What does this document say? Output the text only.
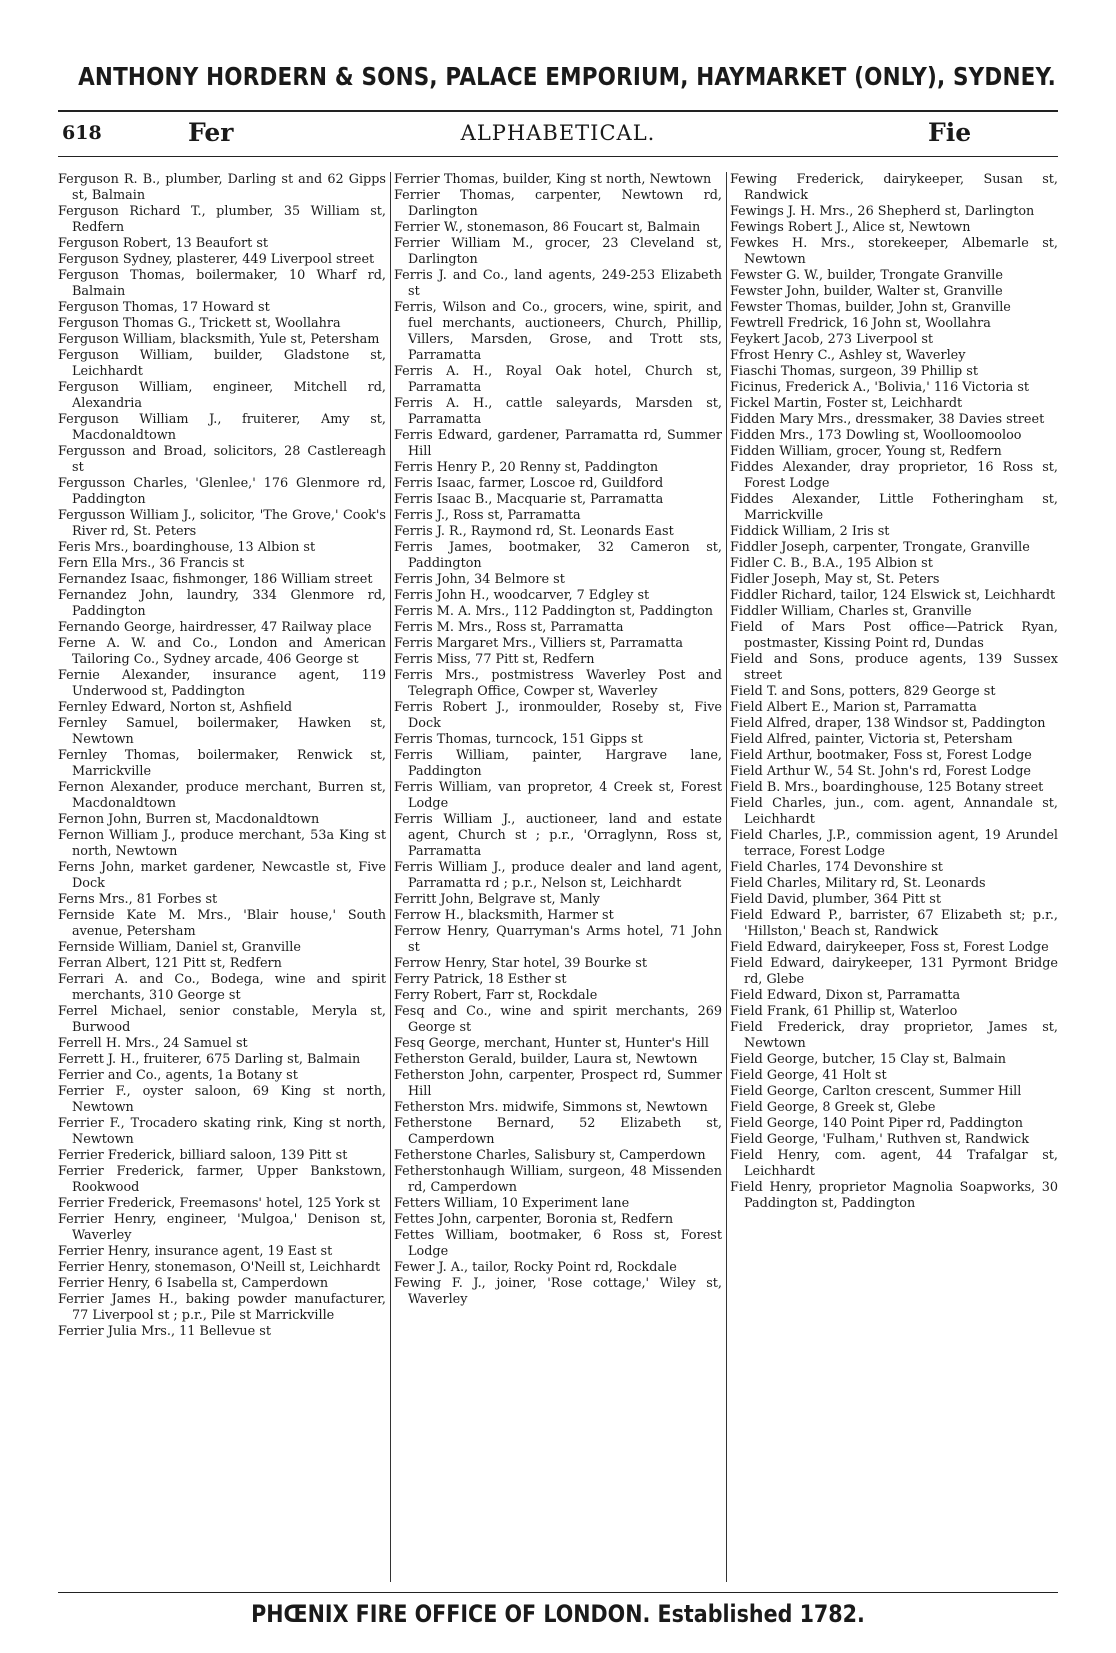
ANTHONY HORDERN & SONS, PALACE EMPORIUM, HAYMARKET (ONLY), SYDNEY.
618	Fer	ALPHABETICAL.	Fie
Ferguson R. B., plumber, Darling st and 62 Gipps st, Balmain
Ferguson Richard T., plumber, 35 William st, Redfern
Ferguson Robert, 13 Beaufort st
Ferguson Sydney, plasterer, 449 Liverpool street
Ferguson Thomas, boilermaker, 10 Wharf rd, Balmain
Ferguson Thomas, 17 Howard st
Ferguson Thomas G., Trickett st, Woollahra
Ferguson William, blacksmith, Yule st, Petersham
Ferguson William, builder, Gladstone st, Leichhardt
Ferguson William, engineer, Mitchell rd, Alexandria
Ferguson William J., fruiterer, Amy st, Macdonaldtown
Fergusson and Broad, solicitors, 28 Castlereagh st
Fergusson Charles, 'Glenlee,' 176 Glenmore rd, Paddington
Fergusson William J., solicitor, 'The Grove,' Cook's River rd, St. Peters
Feris Mrs., boardinghouse, 13 Albion st
Fern Ella Mrs., 36 Francis st
Fernandez Isaac, fishmonger, 186 William street
Fernandez John, laundry, 334 Glenmore rd, Paddington
Fernando George, hairdresser, 47 Railway place
Ferne A. W. and Co., London and American Tailoring Co., Sydney arcade, 406 George st
Fernie Alexander, insurance agent, 119 Underwood st, Paddington
Fernley Edward, Norton st, Ashfield
Fernley Samuel, boilermaker, Hawken st, Newtown
Fernley Thomas, boilermaker, Renwick st, Marrickville
Fernon Alexander, produce merchant, Burren st, Macdonaldtown
Fernon John, Burren st, Macdonaldtown
Fernon William J., produce merchant, 53a King st north, Newtown
Ferns John, market gardener, Newcastle st, Five Dock
Ferns Mrs., 81 Forbes st
Fernside Kate M. Mrs., 'Blair house,' South avenue, Petersham
Fernside William, Daniel st, Granville
Ferran Albert, 121 Pitt st, Redfern
Ferrari A. and Co., Bodega, wine and spirit merchants, 310 George st
Ferrel Michael, senior constable, Meryla st, Burwood
Ferrell H. Mrs., 24 Samuel st
Ferrett J. H., fruiterer, 675 Darling st, Balmain
Ferrier and Co., agents, 1a Botany st
Ferrier F., oyster saloon, 69 King st north, Newtown
Ferrier F., Trocadero skating rink, King st north, Newtown
Ferrier Frederick, billiard saloon, 139 Pitt st
Ferrier Frederick, farmer, Upper Bankstown, Rookwood
Ferrier Frederick, Freemasons' hotel, 125 York st
Ferrier Henry, engineer, 'Mulgoa,' Denison st, Waverley
Ferrier Henry, insurance agent, 19 East st
Ferrier Henry, stonemason, O'Neill st, Leichhardt
Ferrier Henry, 6 Isabella st, Camperdown
Ferrier James H., baking powder manufacturer, 77 Liverpool st ; p.r., Pile st Marrickville
Ferrier Julia Mrs., 11 Bellevue st
Ferrier Thomas, builder, King st north, Newtown
Ferrier Thomas, carpenter, Newtown rd, Darlington
Ferrier W., stonemason, 86 Foucart st, Balmain
Ferrier William M., grocer, 23 Cleveland st, Darlington
Ferris J. and Co., land agents, 249-253 Elizabeth st
Ferris, Wilson and Co., grocers, wine, spirit, and fuel merchants, auctioneers, Church, Phillip, Villers, Marsden, Grose, and Trott sts, Parramatta
Ferris A. H., Royal Oak hotel, Church st, Parramatta
Ferris A. H., cattle saleyards, Marsden st, Parramatta
Ferris Edward, gardener, Parramatta rd, Summer Hill
Ferris Henry P., 20 Renny st, Paddington
Ferris Isaac, farmer, Loscoe rd, Guildford
Ferris Isaac B., Macquarie st, Parramatta
Ferris J., Ross st, Parramatta
Ferris J. R., Raymond rd, St. Leonards East
Ferris James, bootmaker, 32 Cameron st, Paddington
Ferris John, 34 Belmore st
Ferris John H., woodcarver, 7 Edgley st
Ferris M. A. Mrs., 112 Paddington st, Paddington
Ferris M. Mrs., Ross st, Parramatta
Ferris Margaret Mrs., Villiers st, Parramatta
Ferris Miss, 77 Pitt st, Redfern
Ferris Mrs., postmistress Waverley Post and Telegraph Office, Cowper st, Waverley
Ferris Robert J., ironmoulder, Roseby st, Five Dock
Ferris Thomas, turncock, 151 Gipps st
Ferris William, painter, Hargrave lane, Paddington
Ferris William, van propretor, 4 Creek st, Forest Lodge
Ferris William J., auctioneer, land and estate agent, Church st ; p.r., 'Orraglynn, Ross st, Parramatta
Ferris William J., produce dealer and land agent, Parramatta rd ; p.r., Nelson st, Leichhardt
Ferritt John, Belgrave st, Manly
Ferrow H., blacksmith, Harmer st
Ferrow Henry, Quarryman's Arms hotel, 71 John st
Ferrow Henry, Star hotel, 39 Bourke st
Ferry Patrick, 18 Esther st
Ferry Robert, Farr st, Rockdale
Fesq and Co., wine and spirit merchants, 269 George st
Fesq George, merchant, Hunter st, Hunter's Hill
Fetherston Gerald, builder, Laura st, Newtown
Fetherston John, carpenter, Prospect rd, Summer Hill
Fetherston Mrs. midwife, Simmons st, Newtown
Fetherstone Bernard, 52 Elizabeth st, Camperdown
Fetherstone Charles, Salisbury st, Camperdown
Fetherstonhaugh William, surgeon, 48 Missenden rd, Camperdown
Fetters William, 10 Experiment lane
Fettes John, carpenter, Boronia st, Redfern
Fettes William, bootmaker, 6 Ross st, Forest Lodge
Fewer J. A., tailor, Rocky Point rd, Rockdale
Fewing F. J., joiner, 'Rose cottage,' Wiley st, Waverley
Fewing Frederick, dairykeeper, Susan st, Randwick
Fewings J. H. Mrs., 26 Shepherd st, Darlington
Fewings Robert J., Alice st, Newtown
Fewkes H. Mrs., storekeeper, Albemarle st, Newtown
Fewster G. W., builder, Trongate Granville
Fewster John, builder, Walter st, Granville
Fewster Thomas, builder, John st, Granville
Fewtrell Fredrick, 16 John st, Woollahra
Feykert Jacob, 273 Liverpool st
Ffrost Henry C., Ashley st, Waverley
Fiaschi Thomas, surgeon, 39 Phillip st
Ficinus, Frederick A., 'Bolivia,' 116 Victoria st
Fickel Martin, Foster st, Leichhardt
Fidden Mary Mrs., dressmaker, 38 Davies street
Fidden Mrs., 173 Dowling st, Woolloomooloo
Fidden William, grocer, Young st, Redfern
Fiddes Alexander, dray proprietor, 16 Ross st, Forest Lodge
Fiddes Alexander, Little Fotheringham st, Marrickville
Fiddick William, 2 Iris st
Fiddler Joseph, carpenter, Trongate, Granville
Fidler C. B., B.A., 195 Albion st
Fidler Joseph, May st, St. Peters
Fiddler Richard, tailor, 124 Elswick st, Leichhardt
Fiddler William, Charles st, Granville
Field of Mars Post office—Patrick Ryan, postmaster, Kissing Point rd, Dundas
Field and Sons, produce agents, 139 Sussex street
Field T. and Sons, potters, 829 George st
Field Albert E., Marion st, Parramatta
Field Alfred, draper, 138 Windsor st, Paddington
Field Alfred, painter, Victoria st, Petersham
Field Arthur, bootmaker, Foss st, Forest Lodge
Field Arthur W., 54 St. John's rd, Forest Lodge
Field B. Mrs., boardinghouse, 125 Botany street
Field Charles, jun., com. agent, Annandale st, Leichhardt
Field Charles, J.P., commission agent, 19 Arundel terrace, Forest Lodge
Field Charles, 174 Devonshire st
Field Charles, Military rd, St. Leonards
Field David, plumber, 364 Pitt st
Field Edward P., barrister, 67 Elizabeth st; p.r., 'Hillston,' Beach st, Randwick
Field Edward, dairykeeper, Foss st, Forest Lodge
Field Edward, dairykeeper, 131 Pyrmont Bridge rd, Glebe
Field Edward, Dixon st, Parramatta
Field Frank, 61 Phillip st, Waterloo
Field Frederick, dray proprietor, James st, Newtown
Field George, butcher, 15 Clay st, Balmain
Field George, 41 Holt st
Field George, Carlton crescent, Summer Hill
Field George, 8 Greek st, Glebe
Field George, 140 Point Piper rd, Paddington
Field George, 'Fulham,' Ruthven st, Randwick
Field Henry, com. agent, 44 Trafalgar st, Leichhardt
Field Henry, proprietor Magnolia Soapworks, 30 Paddington st, Paddington
PHŒNIX FIRE OFFICE OF LONDON. Established 1782.
